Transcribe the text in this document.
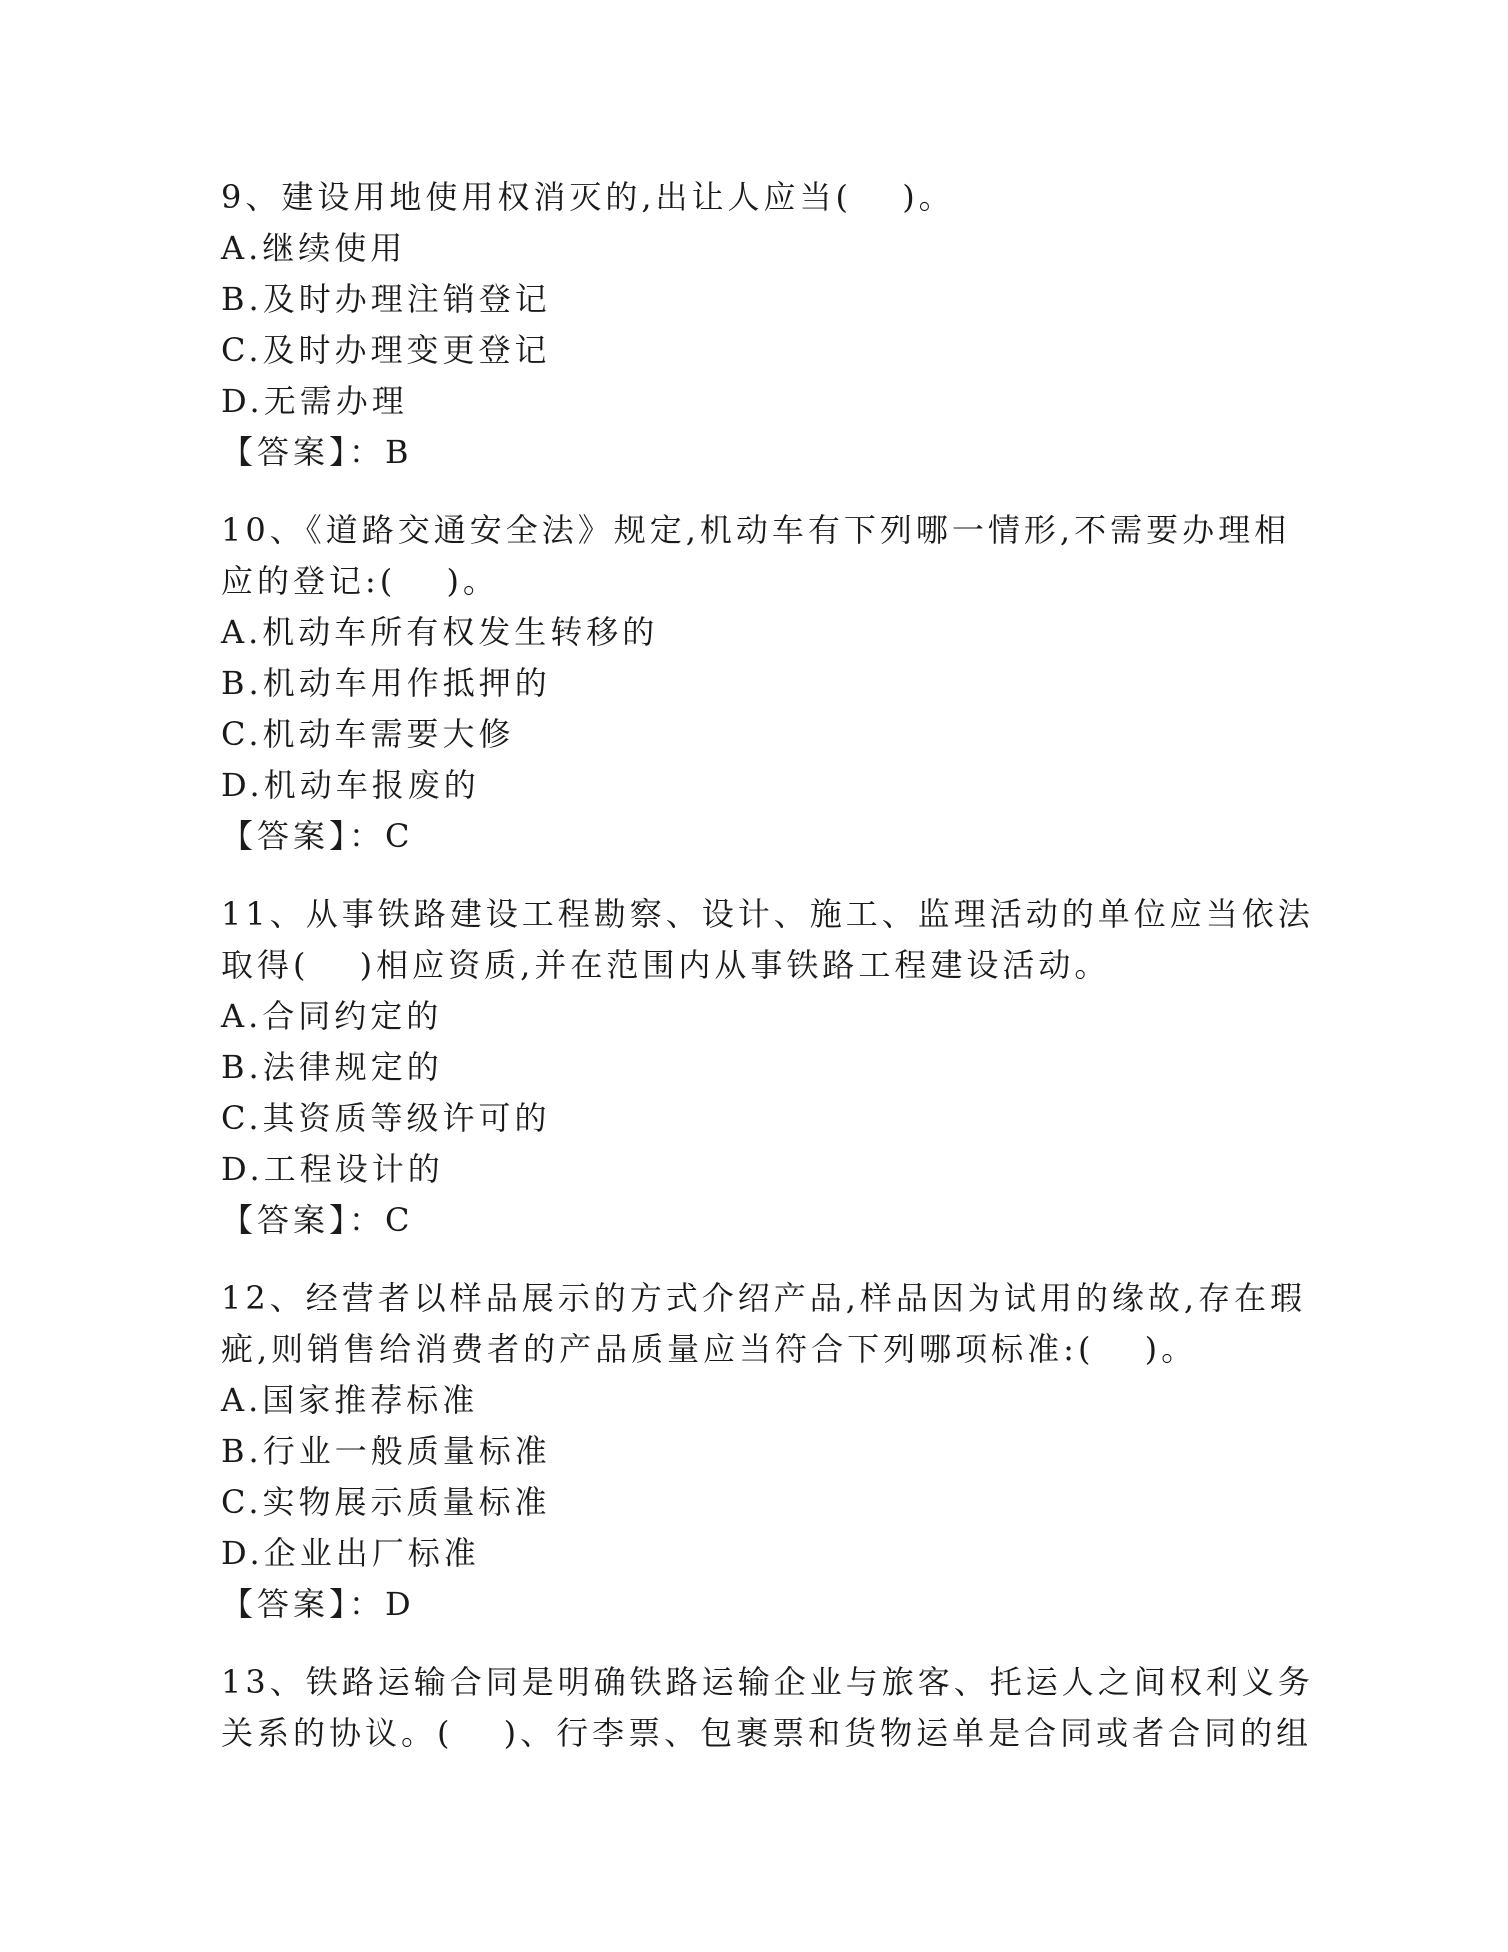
9、建设用地使用权消灭的,出让人应当(　 )。
A.继续使用
B.及时办理注销登记
C.及时办理变更登记
D.无需办理
【答案】：B
10、《道路交通安全法》规定,机动车有下列哪一情形,不需要办理相
应的登记:(　 )。
A.机动车所有权发生转移的
B.机动车用作抵押的
C.机动车需要大修
D.机动车报废的
【答案】：C
11、从事铁路建设工程勘察、设计、施工、监理活动的单位应当依法
取得(　 )相应资质,并在范围内从事铁路工程建设活动。
A.合同约定的
B.法律规定的
C.其资质等级许可的
D.工程设计的
【答案】：C
12、经营者以样品展示的方式介绍产品,样品因为试用的缘故,存在瑕
疵,则销售给消费者的产品质量应当符合下列哪项标准:(　 )。
A.国家推荐标准
B.行业一般质量标准
C.实物展示质量标准
D.企业出厂标准
【答案】：D
13、铁路运输合同是明确铁路运输企业与旅客、托运人之间权利义务
关系的协议。(　 )、行李票、包裹票和货物运单是合同或者合同的组
